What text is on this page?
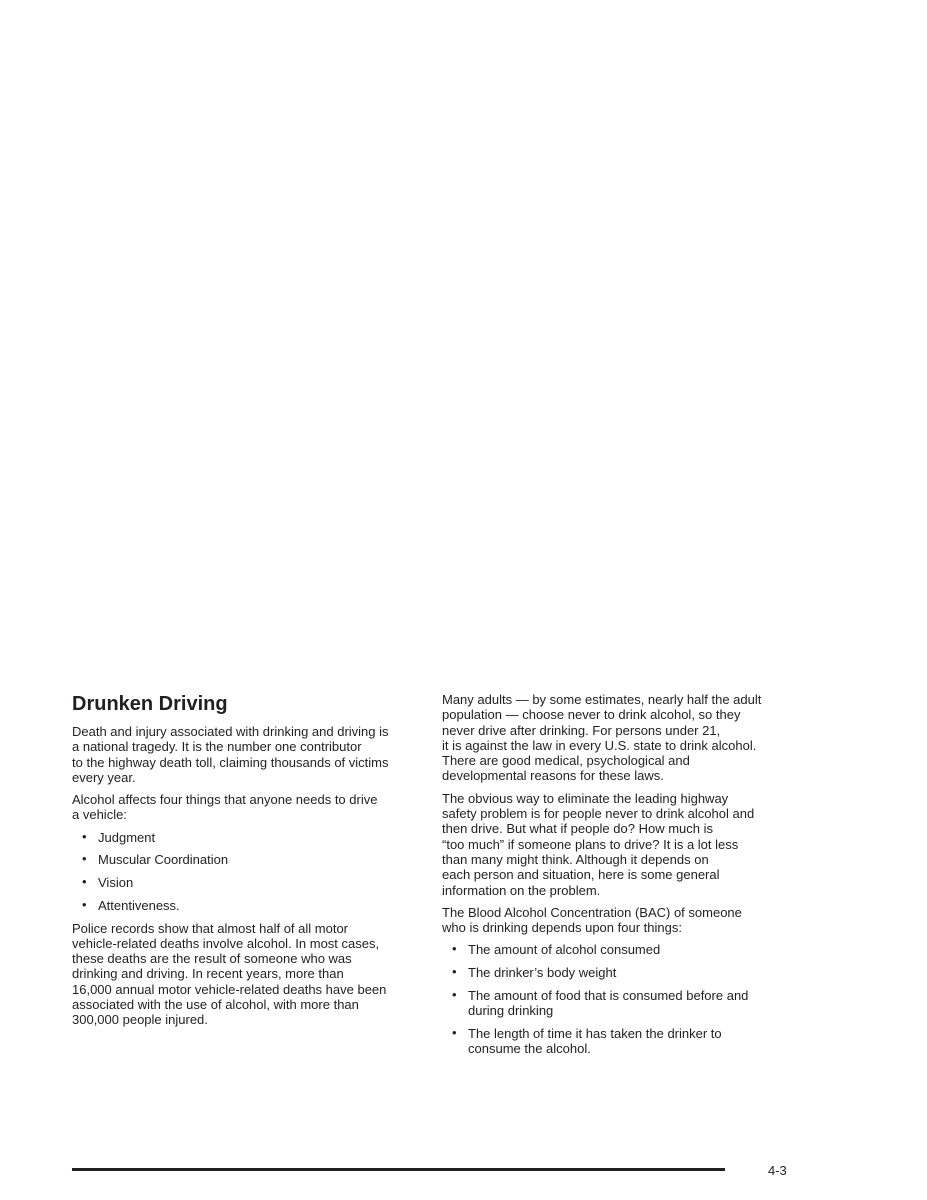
Drunken Driving

Death and injury associated with drinking and driving is
a national tragedy. It is the number one contributor
to the highway death toll, claiming thousands of victims
every year.

Alcohol affects four things that anyone needs to drive
a vehicle:

• Judgment
• Muscular Coordination
• Vision
• Attentiveness.

Police records show that almost half of all motor
vehicle-related deaths involve alcohol. In most cases,
these deaths are the result of someone who was
drinking and driving. In recent years, more than
16,000 annual motor vehicle-related deaths have been
associated with the use of alcohol, with more than
300,000 people injured.

Many adults — by some estimates, nearly half the adult
population — choose never to drink alcohol, so they
never drive after drinking. For persons under 21,
it is against the law in every U.S. state to drink alcohol.
There are good medical, psychological and
developmental reasons for these laws.

The obvious way to eliminate the leading highway
safety problem is for people never to drink alcohol and
then drive. But what if people do? How much is
“too much” if someone plans to drive? It is a lot less
than many might think. Although it depends on
each person and situation, here is some general
information on the problem.

The Blood Alcohol Concentration (BAC) of someone
who is drinking depends upon four things:

• The amount of alcohol consumed
• The drinker’s body weight
• The amount of food that is consumed before and
during drinking
• The length of time it has taken the drinker to
consume the alcohol.
4-3
